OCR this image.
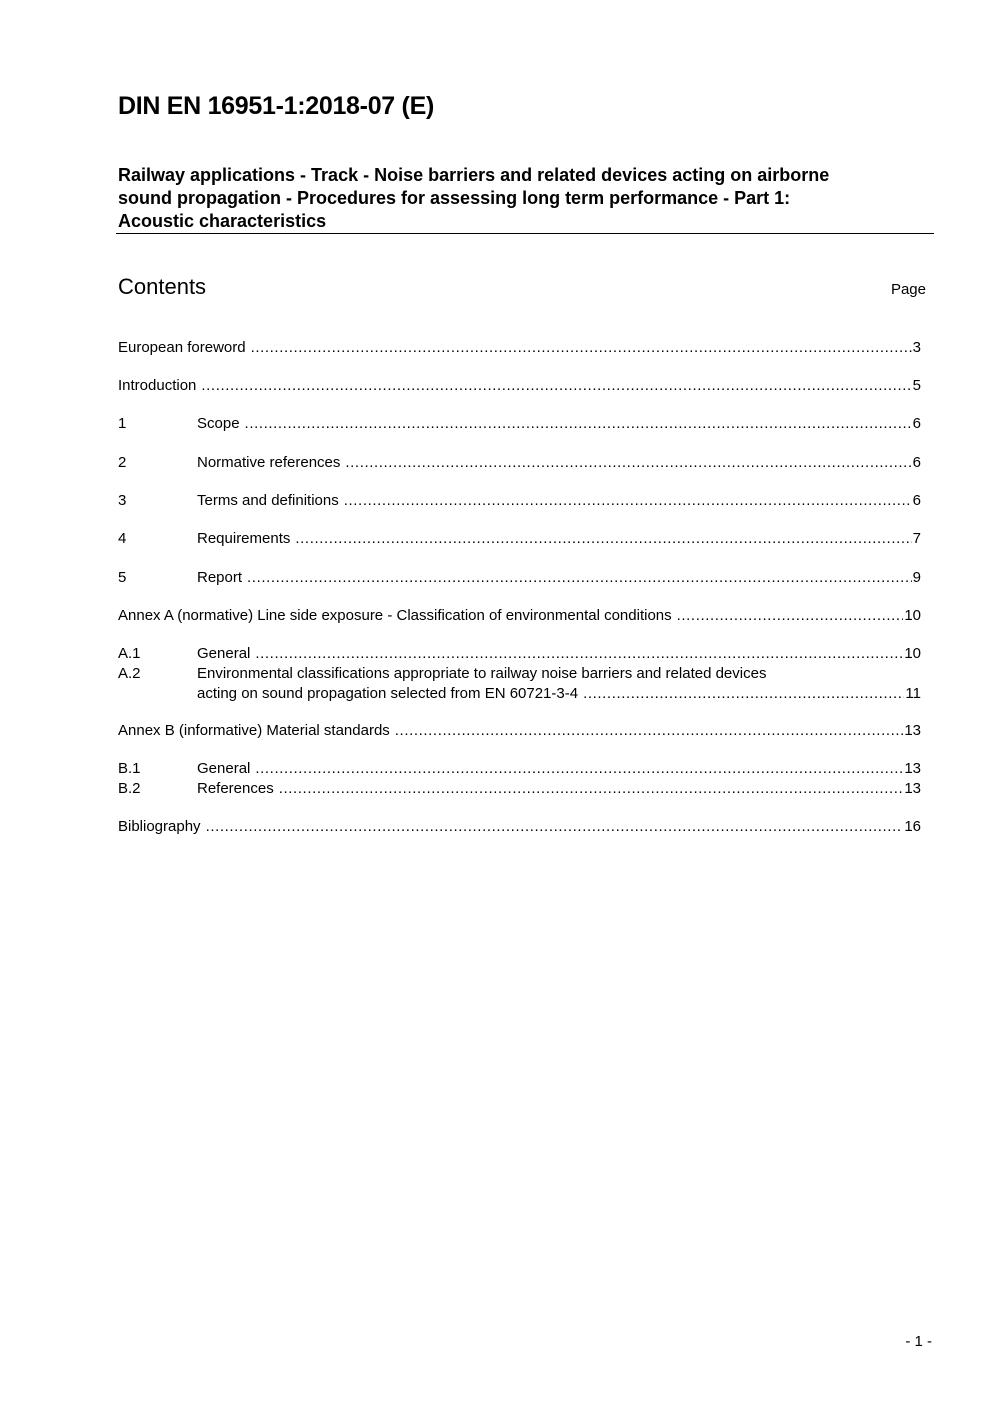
DIN EN 16951-1:2018-07 (E)
Railway applications - Track - Noise barriers and related devices acting on airborne
sound propagation - Procedures for assessing long term performance - Part 1:
Acoustic characteristics
Contents	Page
European foreword .....	3
Introduction .....	5
1	Scope .....	6
2	Normative references .....	6
3	Terms and definitions .....	6
4	Requirements .....	7
5	Report .....	9
Annex A (normative) Line side exposure - Classification of environmental conditions .....	10
A.1	General .....	10
A.2	Environmental classifications appropriate to railway noise barriers and related devices
acting on sound propagation selected from EN 60721-3-4 .....	11
Annex B (informative) Material standards .....	13
B.1	General .....	13
B.2	References .....	13
Bibliography .....	16
- 1 -
